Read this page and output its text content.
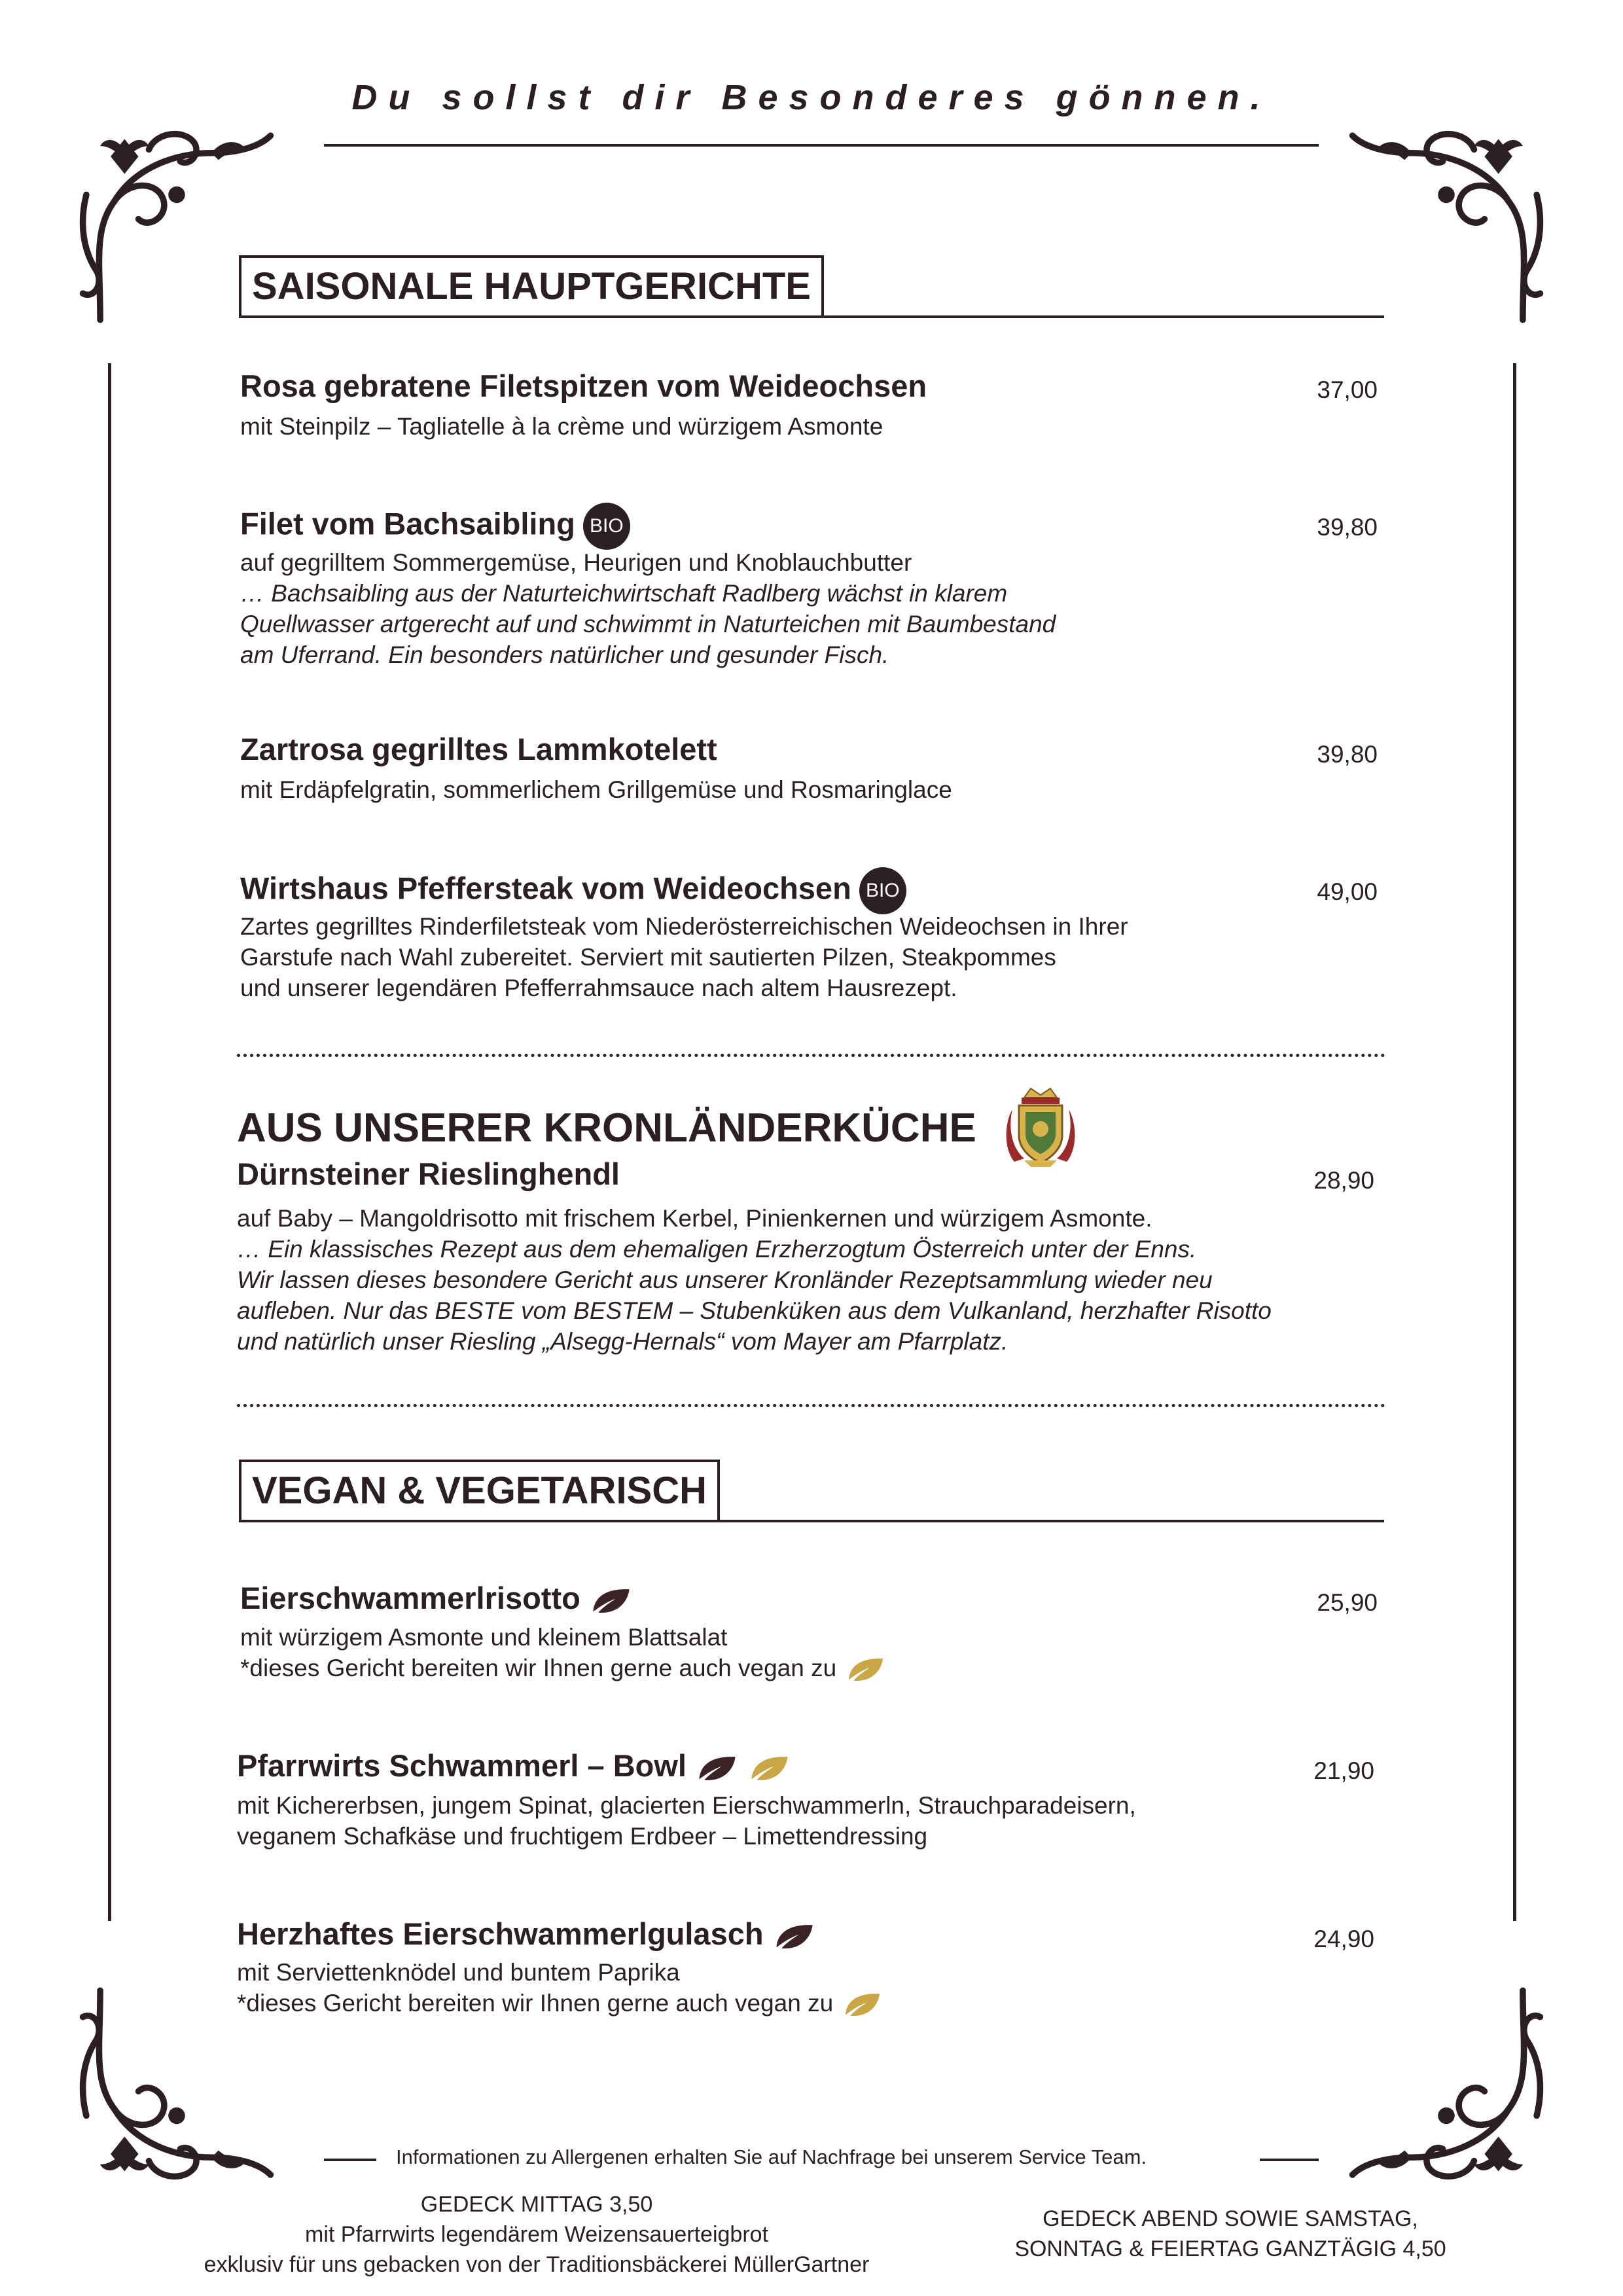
Du sollst dir Besonderes gönnen.
SAISONALE HAUPTGERICHTE
Rosa gebratene Filetspitzen vom Weideochsen	37,00
mit Steinpilz – Tagliatelle à la crème und würzigem Asmonte
Filet vom Bachsaibling BIO	39,80
auf gegrilltem Sommergemüse, Heurigen und Knoblauchbutter
… Bachsaibling aus der Naturteichwirtschaft Radlberg wächst in klarem
Quellwasser artgerecht auf und schwimmt in Naturteichen mit Baumbestand
am Uferrand. Ein besonders natürlicher und gesunder Fisch.
Zartrosa gegrilltes Lammkotelett	39,80
mit Erdäpfelgratin, sommerlichem Grillgemüse und Rosmaringlace
Wirtshaus Pfeffersteak vom Weideochsen BIO	49,00
Zartes gegrilltes Rinderfiletsteak vom Niederösterreichischen Weideochsen in Ihrer
Garstufe nach Wahl zubereitet. Serviert mit sautierten Pilzen, Steakpommes
und unserer legendären Pfefferrahmsauce nach altem Hausrezept.
AUS UNSERER KRONLÄNDERKÜCHE
Dürnsteiner Rieslinghendl	28,90
auf Baby – Mangoldrisotto mit frischem Kerbel, Pinienkernen und würzigem Asmonte.
… Ein klassisches Rezept aus dem ehemaligen Erzherzogtum Österreich unter der Enns.
Wir lassen dieses besondere Gericht aus unserer Kronländer Rezeptsammlung wieder neu
aufleben. Nur das BESTE vom BESTEM – Stubenküken aus dem Vulkanland, herzhafter Risotto
und natürlich unser Riesling „Alsegg-Hernals“ vom Mayer am Pfarrplatz.
VEGAN & VEGETARISCH
Eierschwammerlrisotto	25,90
mit würzigem Asmonte und kleinem Blattsalat
*dieses Gericht bereiten wir Ihnen gerne auch vegan zu
Pfarrwirts Schwammerl – Bowl	21,90
mit Kichererbsen, jungem Spinat, glacierten Eierschwammerln, Strauchparadeisern,
veganem Schafkäse und fruchtigem Erdbeer – Limettendressing
Herzhaftes Eierschwammerlgulasch	24,90
mit Serviettenknödel und buntem Paprika
*dieses Gericht bereiten wir Ihnen gerne auch vegan zu
Informationen zu Allergenen erhalten Sie auf Nachfrage bei unserem Service Team.
GEDECK MITTAG 3,50
mit Pfarrwirts legendärem Weizensauerteigbrot
exklusiv für uns gebacken von der Traditionsbäckerei MüllerGartner
GEDECK ABEND SOWIE SAMSTAG,
SONNTAG & FEIERTAG GANZTÄGIG 4,50
